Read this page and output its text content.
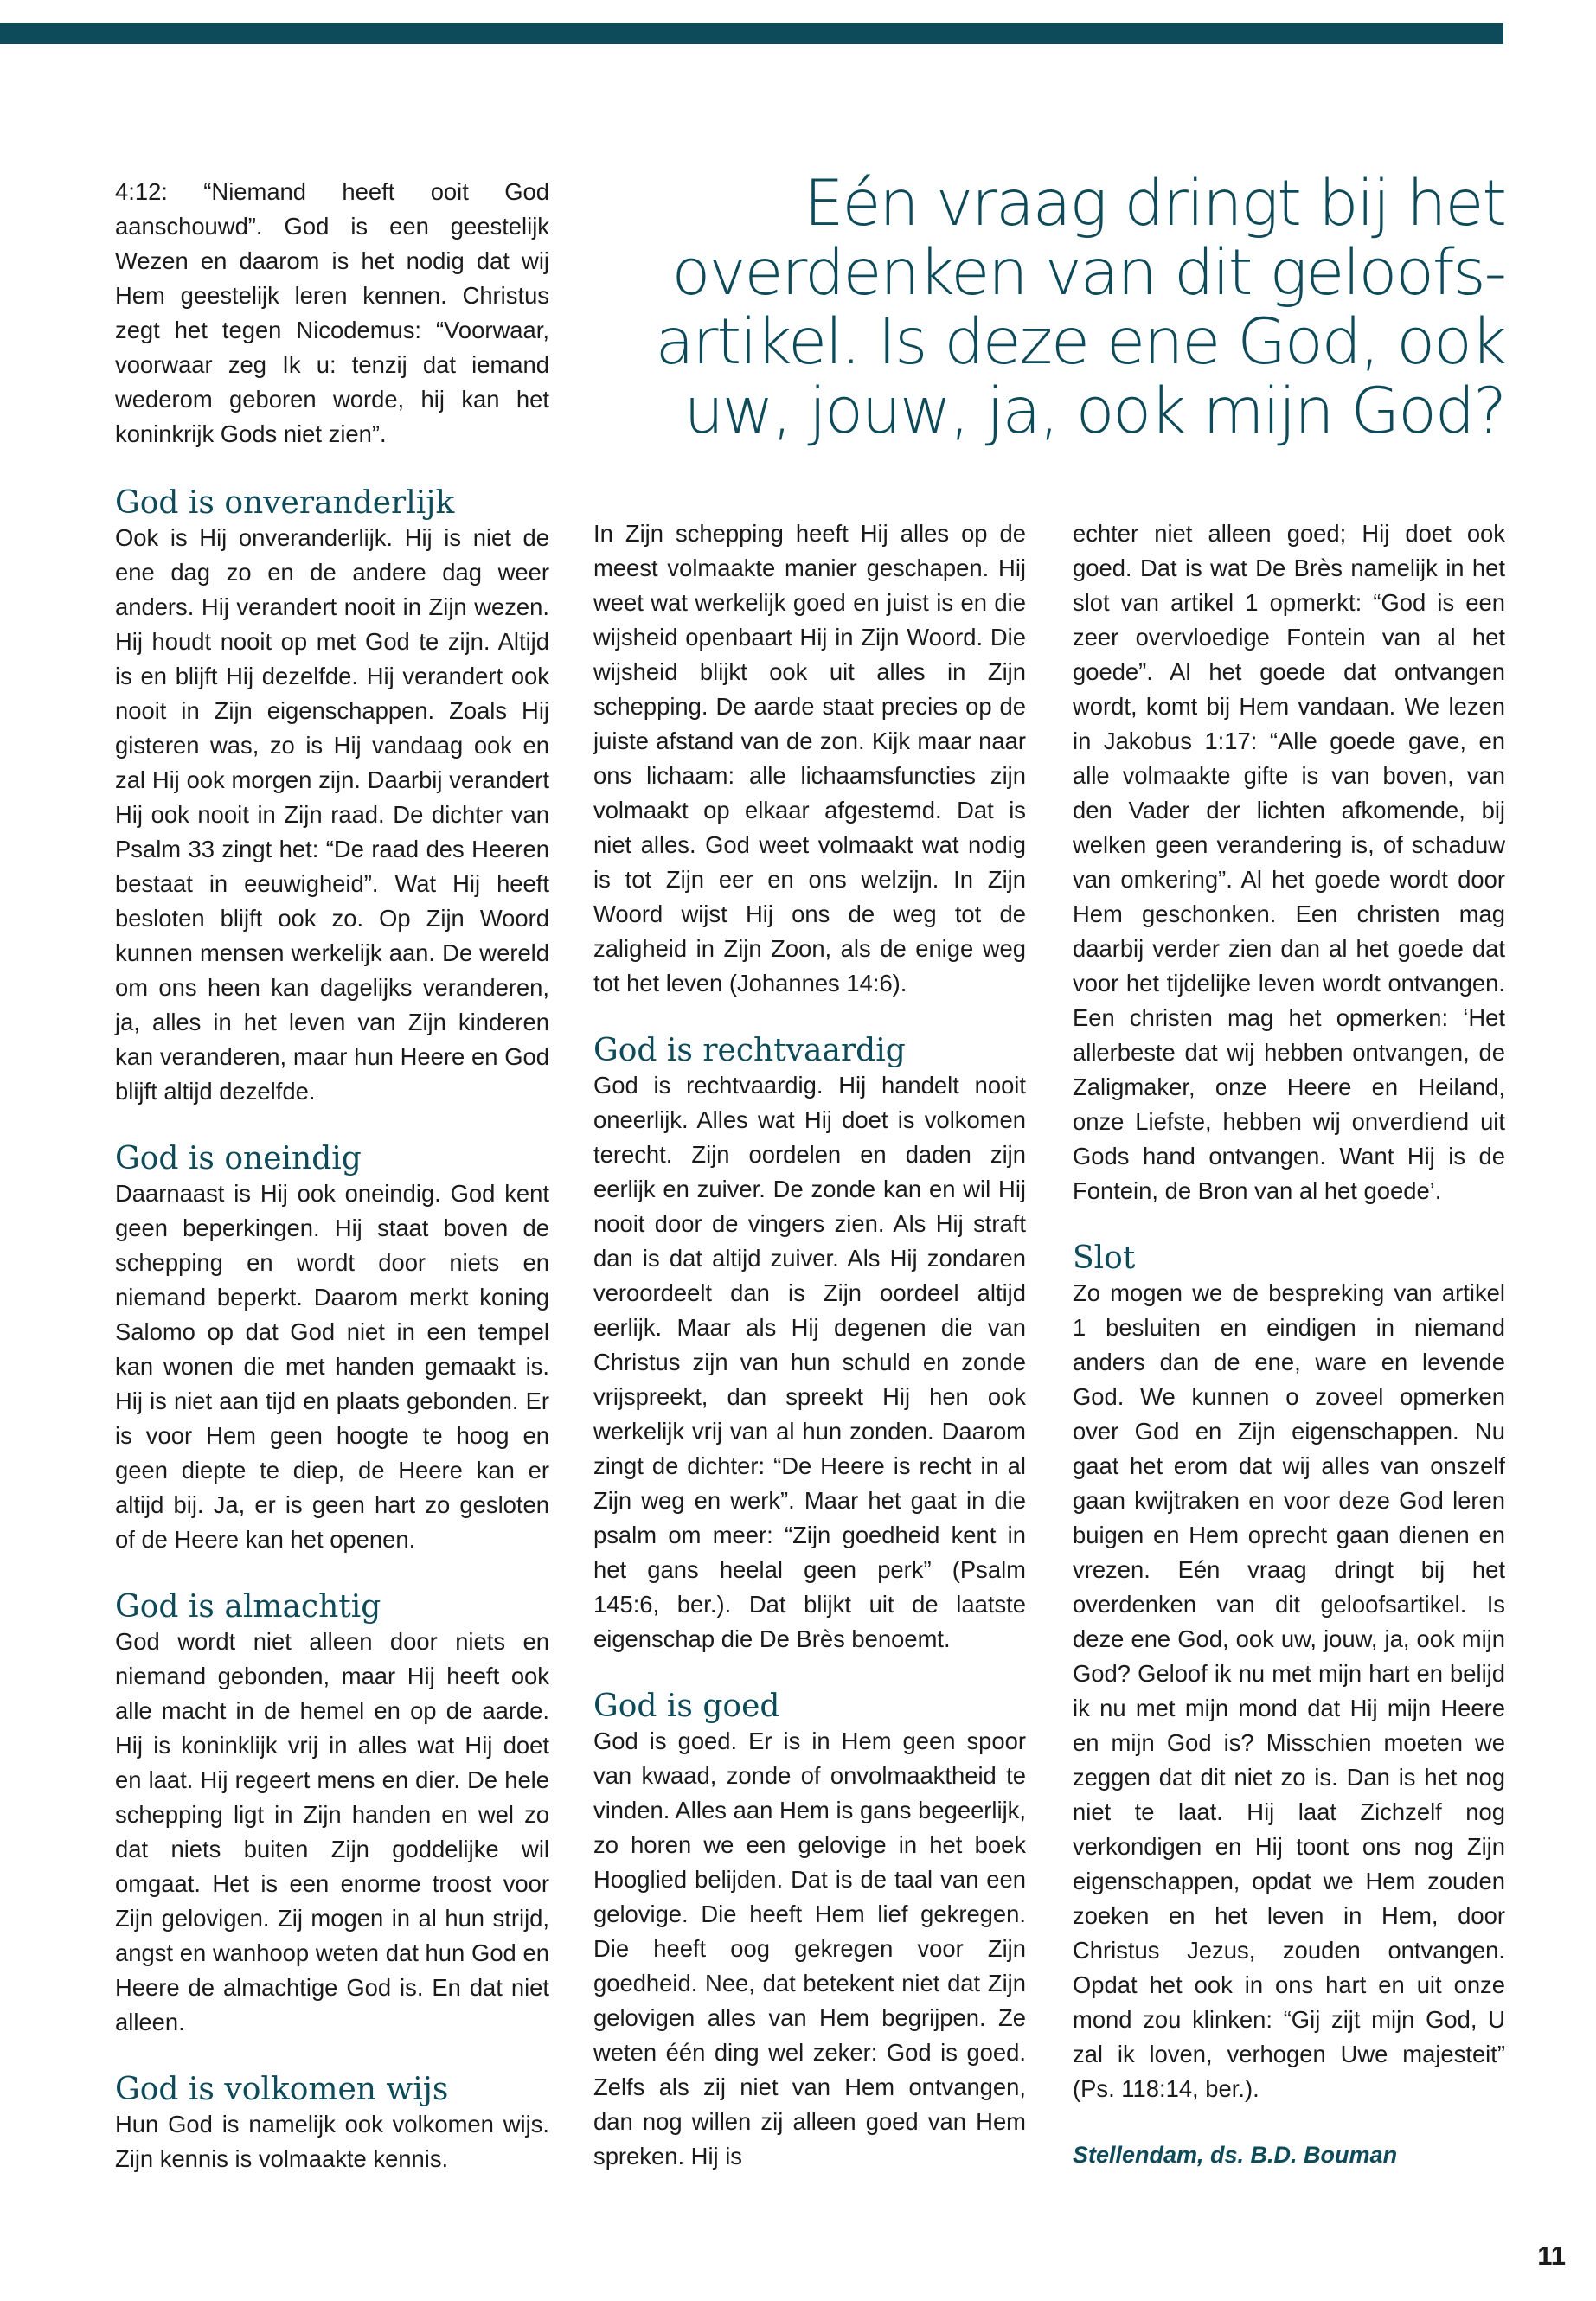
Eén vraag dringt bij het overdenken van dit geloofs-artikel. Is deze ene God, ook uw, jouw, ja, ook mijn God?

4:12: “Niemand heeft ooit God aanschouwd”. God is een geestelijk Wezen en daarom is het nodig dat wij Hem geestelijk leren kennen. Christus zegt het tegen Nicodemus: “Voorwaar, voorwaar zeg Ik u: tenzij dat iemand wederom geboren worde, hij kan het koninkrijk Gods niet zien”.

God is onveranderlijk

Ook is Hij onveranderlijk. Hij is niet de ene dag zo en de andere dag weer anders. Hij verandert nooit in Zijn wezen. Hij houdt nooit op met God te zijn. Altijd is en blijft Hij dezelfde. Hij verandert ook nooit in Zijn eigenschappen. Zoals Hij gisteren was, zo is Hij vandaag ook en zal Hij ook morgen zijn. Daarbij verandert Hij ook nooit in Zijn raad. De dichter van Psalm 33 zingt het: “De raad des Heeren bestaat in eeuwigheid”. Wat Hij heeft besloten blijft ook zo. Op Zijn Woord kunnen mensen werkelijk aan. De wereld om ons heen kan dagelijks veranderen, ja, alles in het leven van Zijn kinderen kan veranderen, maar hun Heere en God blijft altijd dezelfde.

God is oneindig

Daarnaast is Hij ook oneindig. God kent geen beperkingen. Hij staat boven de schepping en wordt door niets en niemand beperkt. Daarom merkt koning Salomo op dat God niet in een tempel kan wonen die met handen gemaakt is. Hij is niet aan tijd en plaats gebonden. Er is voor Hem geen hoogte te hoog en geen diepte te diep, de Heere kan er altijd bij. Ja, er is geen hart zo gesloten of de Heere kan het openen.

God is almachtig

God wordt niet alleen door niets en niemand gebonden, maar Hij heeft ook alle macht in de hemel en op de aarde. Hij is koninklijk vrij in alles wat Hij doet en laat. Hij regeert mens en dier. De hele schepping ligt in Zijn handen en wel zo dat niets buiten Zijn goddelijke wil omgaat. Het is een enorme troost voor Zijn gelovigen. Zij mogen in al hun strijd, angst en wanhoop weten dat hun God en Heere de almachtige God is. En dat niet alleen.

God is volkomen wijs

Hun God is namelijk ook volkomen wijs. Zijn kennis is volmaakte kennis.

In Zijn schepping heeft Hij alles op de meest volmaakte manier geschapen. Hij weet wat werkelijk goed en juist is en die wijsheid openbaart Hij in Zijn Woord. Die wijsheid blijkt ook uit alles in Zijn schepping. De aarde staat precies op de juiste afstand van de zon. Kijk maar naar ons lichaam: alle lichaamsfuncties zijn volmaakt op elkaar afgestemd. Dat is niet alles. God weet volmaakt wat nodig is tot Zijn eer en ons welzijn. In Zijn Woord wijst Hij ons de weg tot de zaligheid in Zijn Zoon, als de enige weg tot het leven (Johannes 14:6).

God is rechtvaardig

God is rechtvaardig. Hij handelt nooit oneerlijk. Alles wat Hij doet is volkomen terecht. Zijn oordelen en daden zijn eerlijk en zuiver. De zonde kan en wil Hij nooit door de vingers zien. Als Hij straft dan is dat altijd zuiver. Als Hij zondaren veroordeelt dan is Zijn oordeel altijd eerlijk. Maar als Hij degenen die van Christus zijn van hun schuld en zonde vrijspreekt, dan spreekt Hij hen ook werkelijk vrij van al hun zonden. Daarom zingt de dichter: “De Heere is recht in al Zijn weg en werk”. Maar het gaat in die psalm om meer: “Zijn goedheid kent in het gans heelal geen perk” (Psalm 145:6, ber.). Dat blijkt uit de laatste eigenschap die De Brès benoemt.

God is goed

God is goed. Er is in Hem geen spoor van kwaad, zonde of onvolmaaktheid te vinden. Alles aan Hem is gans begeerlijk, zo horen we een gelovige in het boek Hooglied belijden. Dat is de taal van een gelovige. Die heeft Hem lief gekregen. Die heeft oog gekregen voor Zijn goedheid. Nee, dat betekent niet dat Zijn gelovigen alles van Hem begrijpen. Ze weten één ding wel zeker: God is goed. Zelfs als zij niet van Hem ontvangen, dan nog willen zij alleen goed van Hem spreken. Hij is

echter niet alleen goed; Hij doet ook goed. Dat is wat De Brès namelijk in het slot van artikel 1 opmerkt: “God is een zeer overvloedige Fontein van al het goede”. Al het goede dat ontvangen wordt, komt bij Hem vandaan. We lezen in Jakobus 1:17: “Alle goede gave, en alle volmaakte gifte is van boven, van den Vader der lichten afkomende, bij welken geen verandering is, of schaduw van omkering”. Al het goede wordt door Hem geschonken. Een christen mag daarbij verder zien dan al het goede dat voor het tijdelijke leven wordt ontvangen. Een christen mag het opmerken: ‘Het allerbeste dat wij hebben ontvangen, de Zaligmaker, onze Heere en Heiland, onze Liefste, hebben wij onverdiend uit Gods hand ontvangen. Want Hij is de Fontein, de Bron van al het goede’.

Slot

Zo mogen we de bespreking van artikel 1 besluiten en eindigen in niemand anders dan de ene, ware en levende God. We kunnen o zoveel opmerken over God en Zijn eigenschappen. Nu gaat het erom dat wij alles van onszelf gaan kwijtraken en voor deze God leren buigen en Hem oprecht gaan dienen en vrezen. Eén vraag dringt bij het overdenken van dit geloofsartikel. Is deze ene God, ook uw, jouw, ja, ook mijn God? Geloof ik nu met mijn hart en belijd ik nu met mijn mond dat Hij mijn Heere en mijn God is? Misschien moeten we zeggen dat dit niet zo is. Dan is het nog niet te laat. Hij laat Zichzelf nog verkondigen en Hij toont ons nog Zijn eigenschappen, opdat we Hem zouden zoeken en het leven in Hem, door Christus Jezus, zouden ontvangen. Opdat het ook in ons hart en uit onze mond zou klinken: “Gij zijt mijn God, U zal ik loven, verhogen Uwe majesteit” (Ps. 118:14, ber.).

Stellendam, ds. B.D. Bouman
11
